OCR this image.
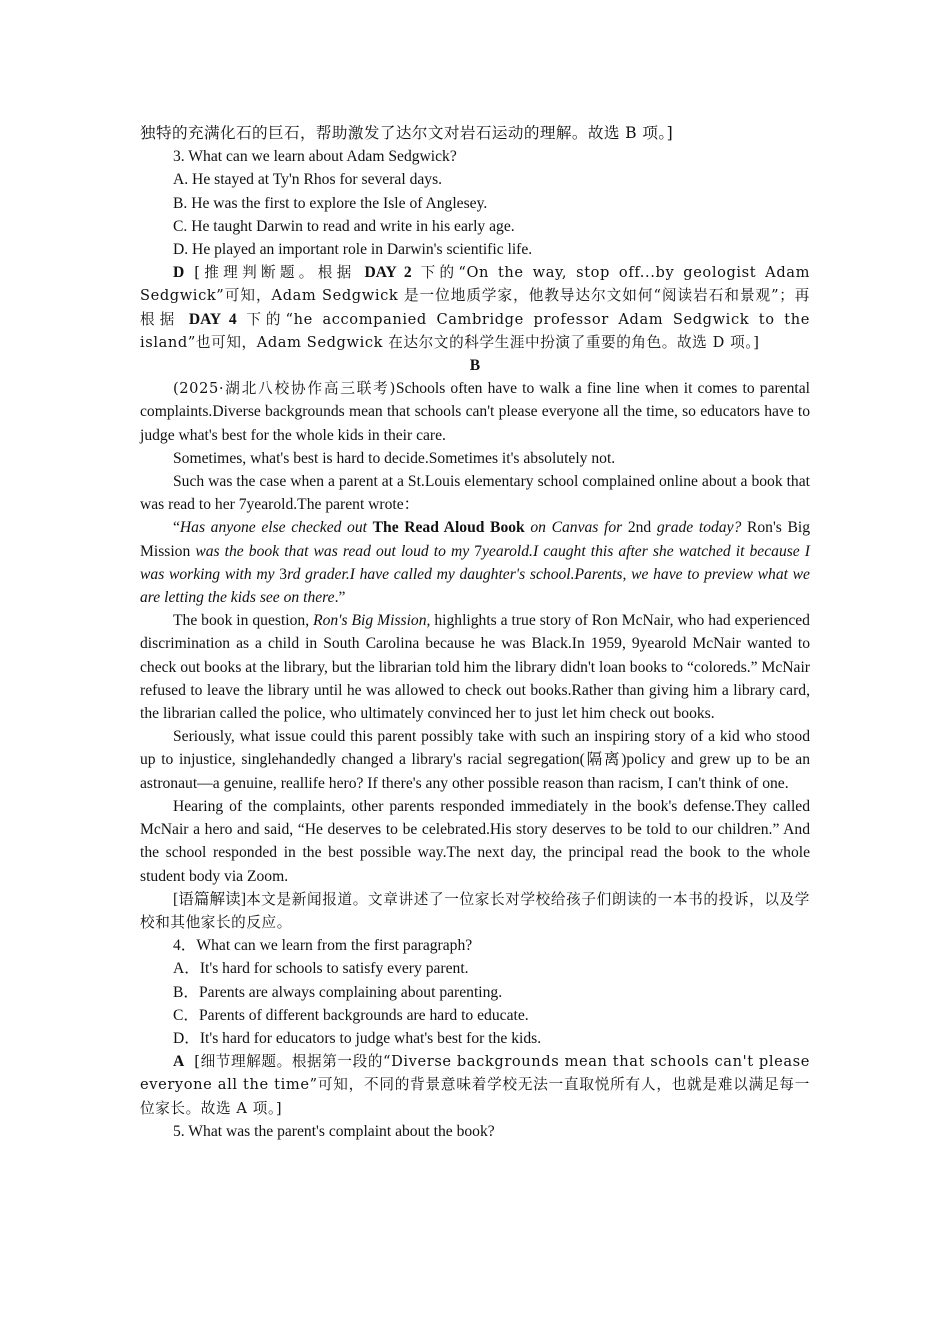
独特的充满化石的巨石，帮助激发了达尔文对岩石运动的理解。故选 B 项。]

3. What can we learn about Adam Sedgwick?

A. He stayed at Ty'n Rhos for several days.

B. He was the first to explore the Isle of Anglesey.

C. He taught Darwin to read and write in his early age.

D. He played an important role in Darwin's scientific life.

D [推理判断题。根据 DAY 2 下的“On the way, stop off...by geologist Adam Sedgwick”可知，Adam Sedgwick 是一位地质学家，他教导达尔文如何“阅读岩石和景观”；再根据 DAY 4 下的“he accompanied Cambridge professor Adam Sedgwick to the island”也可知，Adam Sedgwick 在达尔文的科学生涯中扮演了重要的角色。故选 D 项。]

B

(2025·湖北八校协作高三联考)Schools often have to walk a fine line when it comes to parental complaints.Diverse backgrounds mean that schools can't please everyone all the time, so educators have to judge what's best for the whole kids in their care.

Sometimes, what's best is hard to decide.Sometimes it's absolutely not.

Such was the case when a parent at a St.Louis elementary school complained online about a book that was read to her 7yearold.The parent wrote：

“Has anyone else checked out The Read Aloud Book on Canvas for 2nd grade today? Ron's Big Mission was the book that was read out loud to my 7yearold.I caught this after she watched it because I was working with my 3rd grader.I have called my daughter's school.Parents, we have to preview what we are letting the kids see on there.”

The book in question, Ron's Big Mission, highlights a true story of Ron McNair, who had experienced discrimination as a child in South Carolina because he was Black.In 1959, 9yearold McNair wanted to check out books at the library, but the librarian told him the library didn't loan books to “coloreds.” McNair refused to leave the library until he was allowed to check out books.Rather than giving him a library card, the librarian called the police, who ultimately convinced her to just let him check out books.

Seriously, what issue could this parent possibly take with such an inspiring story of a kid who stood up to injustice, singlehandedly changed a library's racial segregation(隔离)policy and grew up to be an astronaut—a genuine, reallife hero? If there's any other possible reason than racism, I can't think of one.

Hearing of the complaints, other parents responded immediately in the book's defense.They called McNair a hero and said, “He deserves to be celebrated.His story deserves to be told to our children.” And the school responded in the best possible way.The next day, the principal read the book to the whole student body via Zoom.

[语篇解读]本文是新闻报道。文章讲述了一位家长对学校给孩子们朗读的一本书的投诉，以及学校和其他家长的反应。

4．What can we learn from the first paragraph?

A．It's hard for schools to satisfy every parent.

B．Parents are always complaining about parenting.

C．Parents of different backgrounds are hard to educate.

D．It's hard for educators to judge what's best for the kids.

A [细节理解题。根据第一段的“Diverse backgrounds mean that schools can't please everyone all the time”可知，不同的背景意味着学校无法一直取悦所有人，也就是难以满足每一位家长。故选 A 项。]

5. What was the parent's complaint about the book?
